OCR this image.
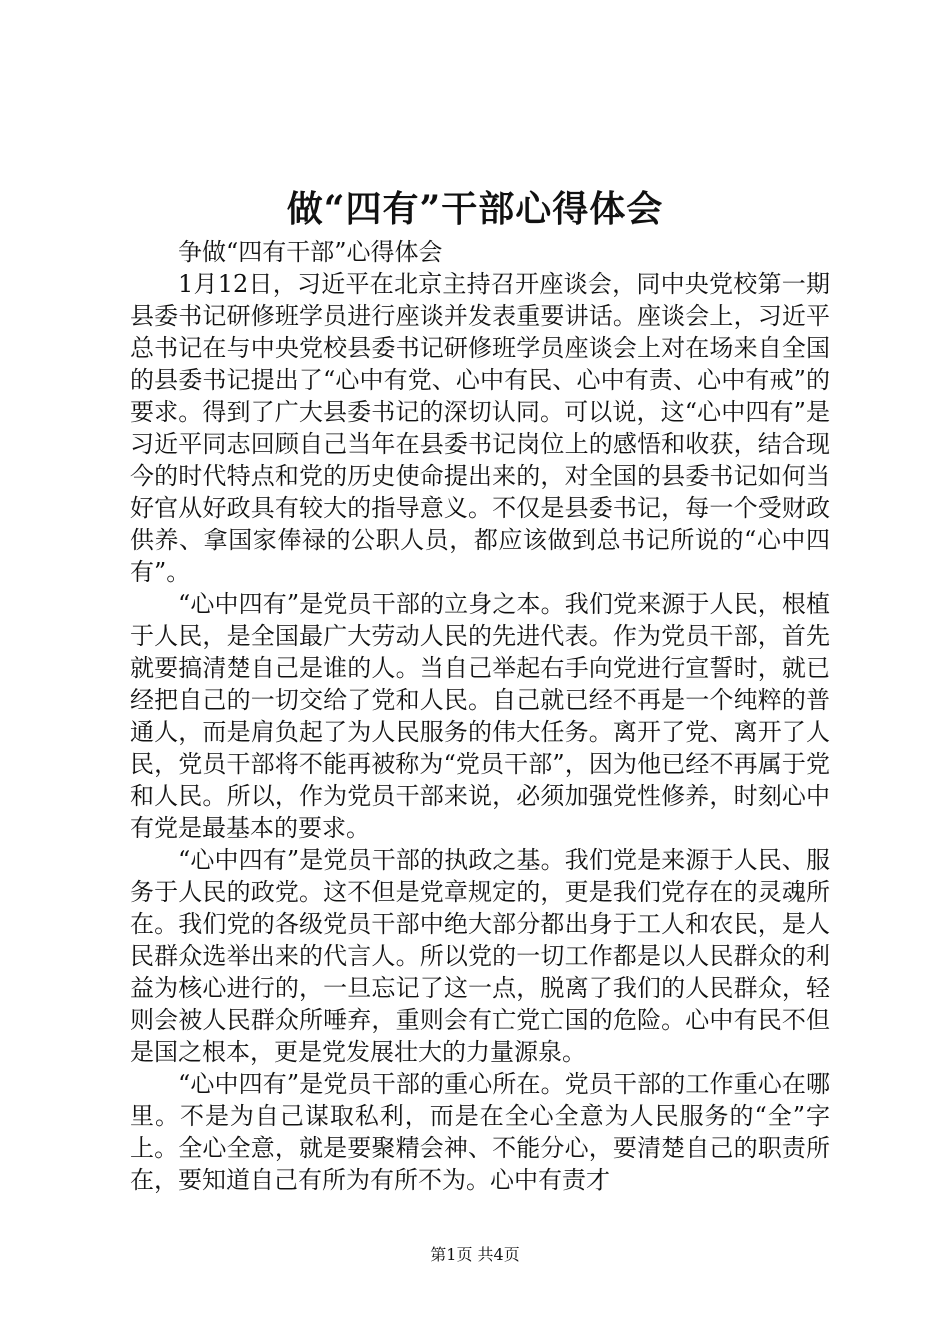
做“四有”干部心得体会

争做“四有干部”心得体会

1月12日，习近平在北京主持召开座谈会，同中央党校第一期县委书记研修班学员进行座谈并发表重要讲话。座谈会上，习近平总书记在与中央党校县委书记研修班学员座谈会上对在场来自全国的县委书记提出了“心中有党、心中有民、心中有责、心中有戒”的要求。得到了广大县委书记的深切认同。可以说，这“心中四有”是习近平同志回顾自己当年在县委书记岗位上的感悟和收获，结合现今的时代特点和党的历史使命提出来的，对全国的县委书记如何当好官从好政具有较大的指导意义。不仅是县委书记，每一个受财政供养、拿国家俸禄的公职人员，都应该做到总书记所说的“心中四有”。

“心中四有”是党员干部的立身之本。我们党来源于人民，根植于人民，是全国最广大劳动人民的先进代表。作为党员干部，首先就要搞清楚自己是谁的人。当自己举起右手向党进行宣誓时，就已经把自己的一切交给了党和人民。自己就已经不再是一个纯粹的普通人，而是肩负起了为人民服务的伟大任务。离开了党、离开了人民，党员干部将不能再被称为“党员干部”，因为他已经不再属于党和人民。所以，作为党员干部来说，必须加强党性修养，时刻心中有党是最基本的要求。

“心中四有”是党员干部的执政之基。我们党是来源于人民、服务于人民的政党。这不但是党章规定的，更是我们党存在的灵魂所在。我们党的各级党员干部中绝大部分都出身于工人和农民，是人民群众选举出来的代言人。所以党的一切工作都是以人民群众的利益为核心进行的，一旦忘记了这一点，脱离了我们的人民群众，轻则会被人民群众所唾弃，重则会有亡党亡国的危险。心中有民不但是国之根本，更是党发展壮大的力量源泉。

“心中四有”是党员干部的重心所在。党员干部的工作重心在哪里。不是为自己谋取私利，而是在全心全意为人民服务的“全”字上。全心全意，就是要聚精会神、不能分心，要清楚自己的职责所在，要知道自己有所为有所不为。心中有责才

第1页 共4页
